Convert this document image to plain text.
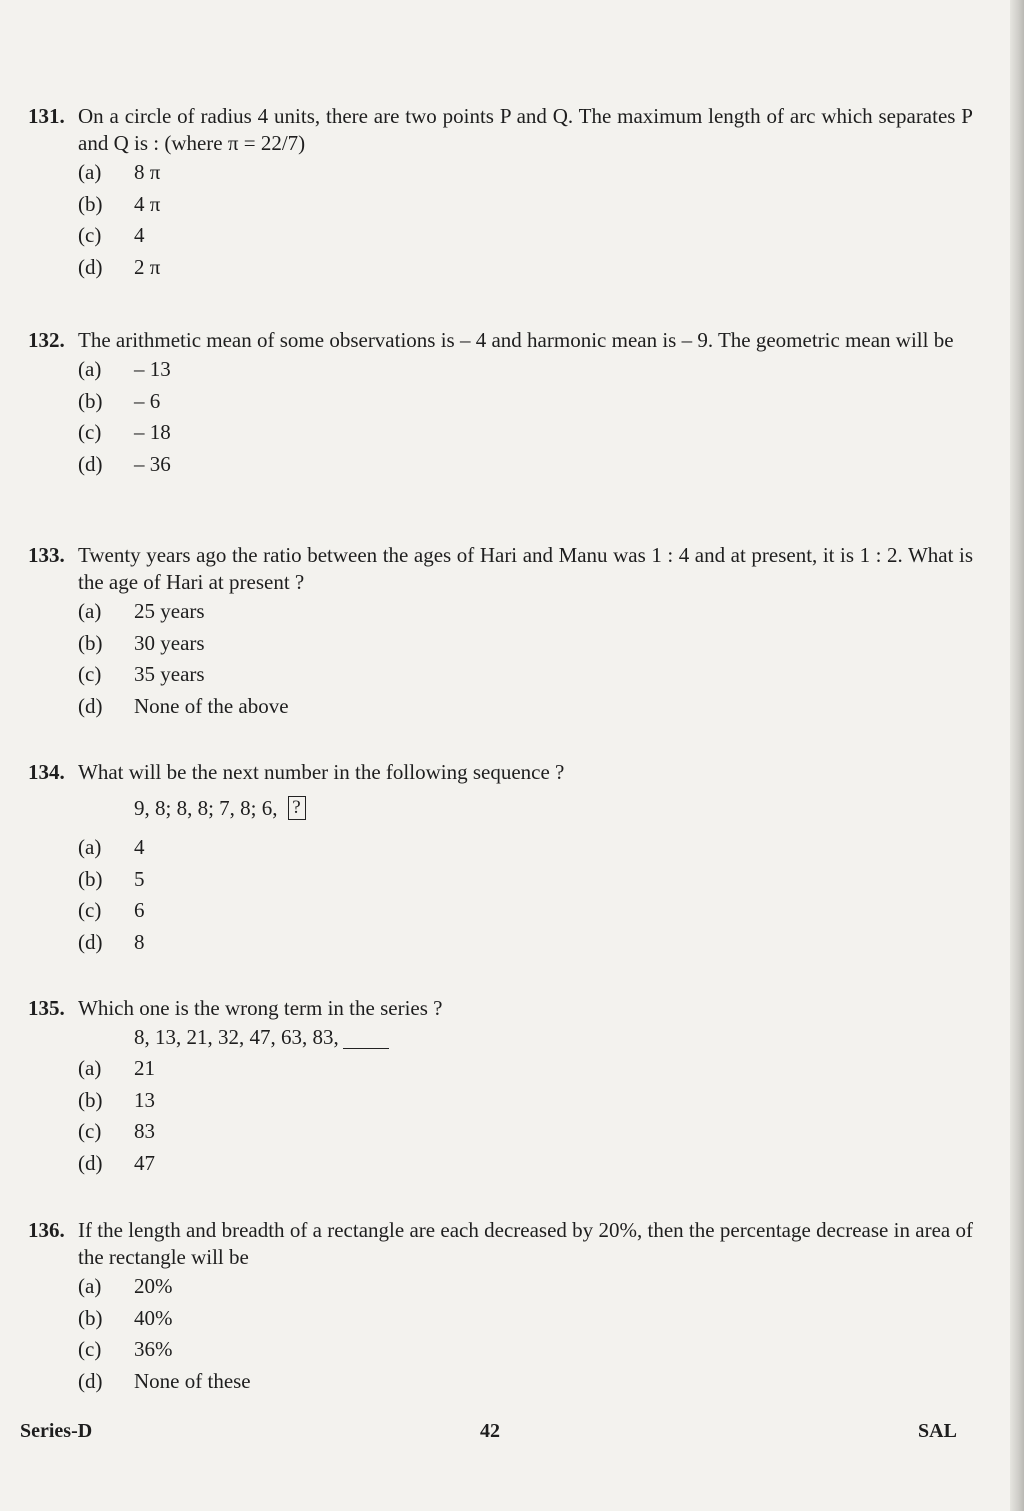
131. On a circle of radius 4 units, there are two points P and Q. The maximum length of arc which separates P and Q is : (where π = 22/7)
(a)	8 π
(b)	4 π
(c)	4
(d)	2 π
132. The arithmetic mean of some observations is – 4 and harmonic mean is – 9. The geometric mean will be
(a)	– 13
(b)	– 6
(c)	– 18
(d)	– 36
133. Twenty years ago the ratio between the ages of Hari and Manu was 1 : 4 and at present, it is 1 : 2. What is the age of Hari at present ?
(a)	25 years
(b)	30 years
(c)	35 years
(d)	None of the above
134. What will be the next number in the following sequence ?
9, 8; 8, 8; 7, 8; 6, ?
(a)	4
(b)	5
(c)	6
(d)	8
135. Which one is the wrong term in the series ?
8, 13, 21, 32, 47, 63, 83,
(a)	21
(b)	13
(c)	83
(d)	47
136. If the length and breadth of a rectangle are each decreased by 20%, then the percentage decrease in area of the rectangle will be
(a)	20%
(b)	40%
(c)	36%
(d)	None of these
Series-D	42	SAL
